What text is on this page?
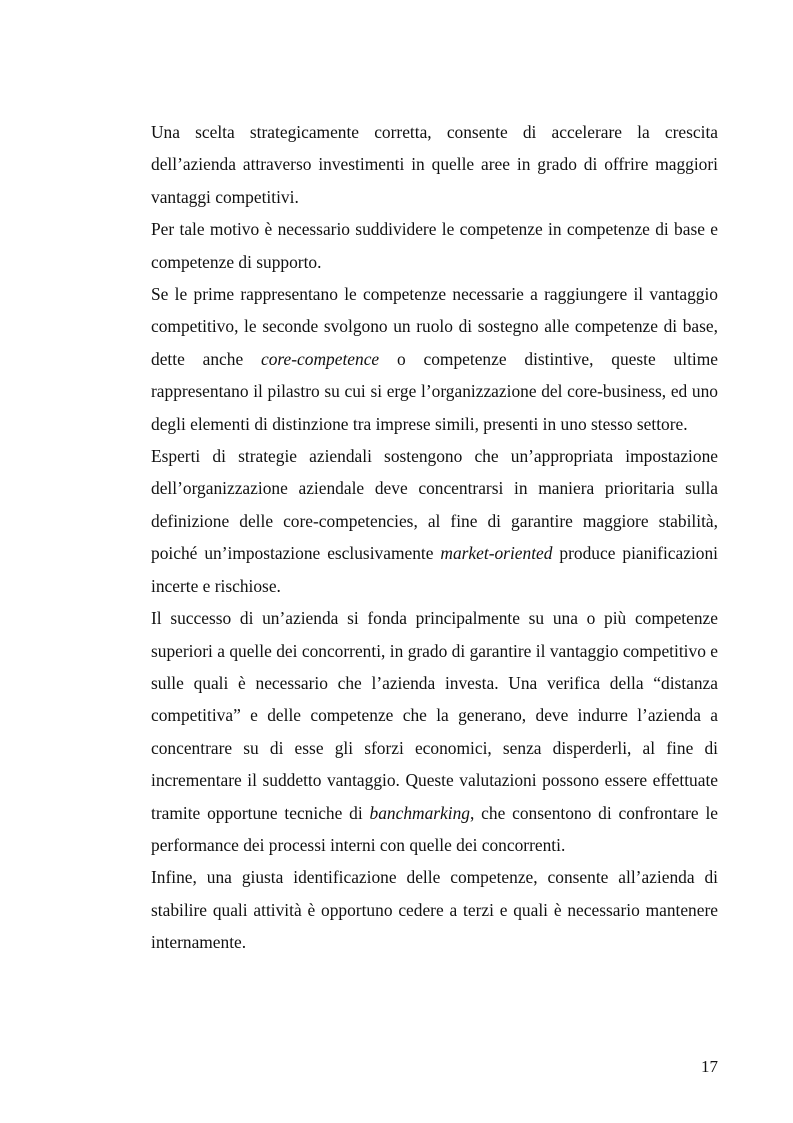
Una scelta strategicamente corretta, consente di accelerare la crescita dell’azienda attraverso investimenti in quelle aree in grado di offrire maggiori vantaggi competitivi.

Per tale motivo è necessario suddividere le competenze in competenze di base e competenze di supporto.

Se le prime rappresentano le competenze necessarie a raggiungere il vantaggio competitivo, le seconde svolgono un ruolo di sostegno alle competenze di base, dette anche core-competence o competenze distintive, queste ultime rappresentano il pilastro su cui si erge l’organizzazione del core-business, ed uno degli elementi di distinzione tra imprese simili, presenti in uno stesso settore.

Esperti di strategie aziendali sostengono che un’appropriata impostazione dell’organizzazione aziendale deve concentrarsi in maniera prioritaria sulla definizione delle core-competencies, al fine di garantire maggiore stabilità, poiché un’impostazione esclusivamente market-oriented produce pianificazioni incerte e rischiose.

Il successo di un’azienda si fonda principalmente su una o più competenze superiori a quelle dei concorrenti, in grado di garantire il vantaggio competitivo e sulle quali è necessario che l’azienda investa. Una verifica della “distanza competitiva” e delle competenze che la generano, deve indurre l’azienda a concentrare su di esse gli sforzi economici, senza disperderli, al fine di incrementare il suddetto vantaggio. Queste valutazioni possono essere effettuate tramite opportune tecniche di banchmarking, che consentono di confrontare le performance dei processi interni con quelle dei concorrenti.

Infine, una giusta identificazione delle competenze, consente all’azienda di stabilire quali attività è opportuno cedere a terzi e quali è necessario mantenere internamente.

17
